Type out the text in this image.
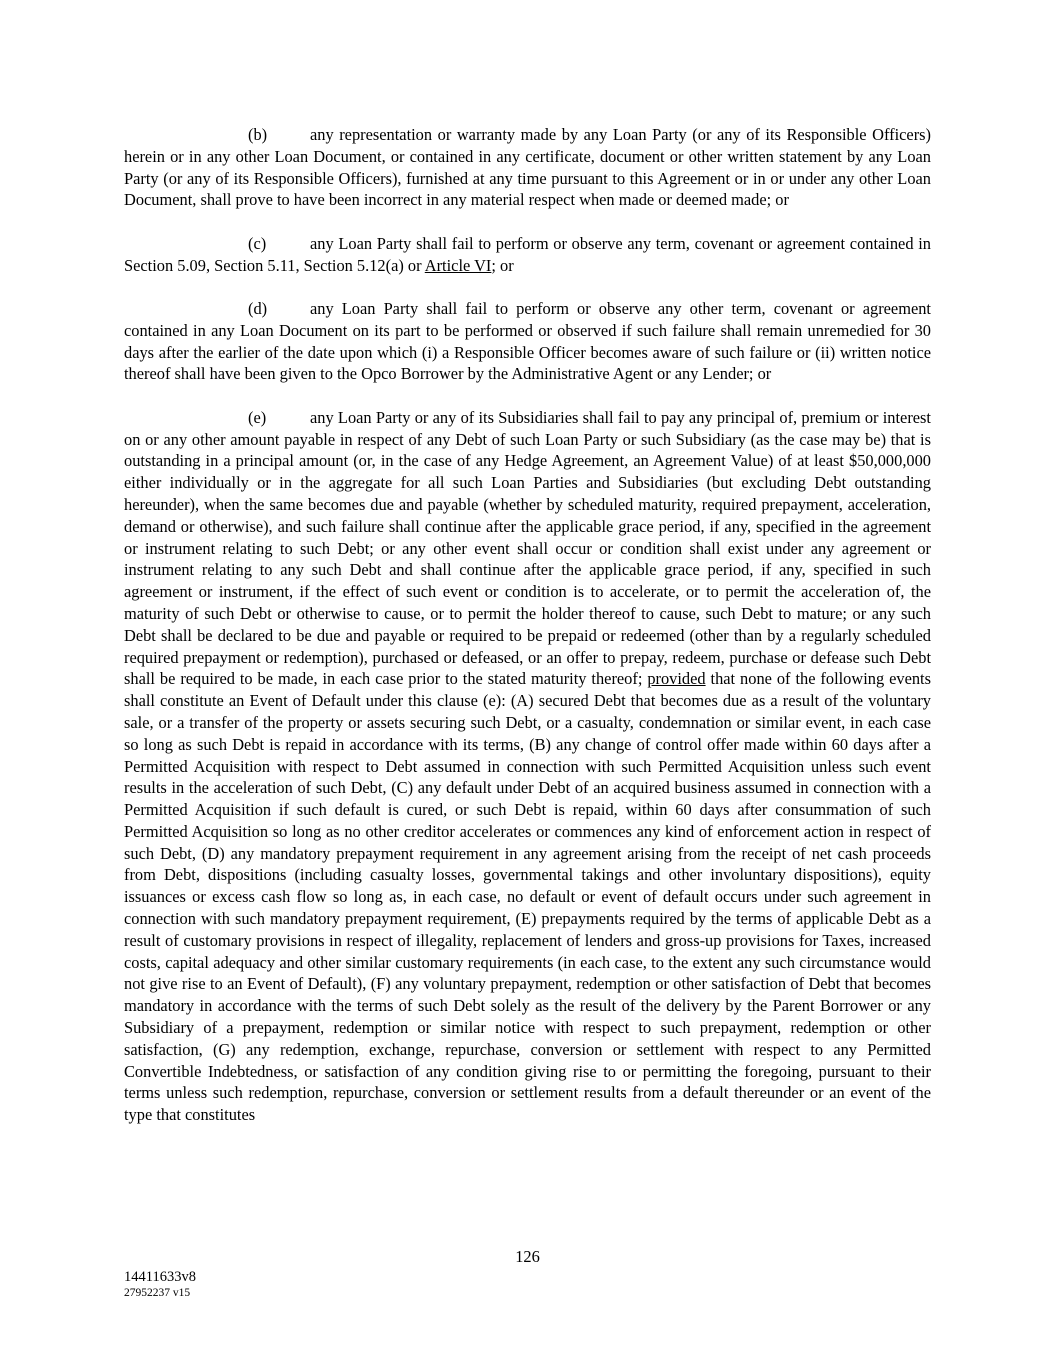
(b)	any representation or warranty made by any Loan Party (or any of its Responsible Officers) herein or in any other Loan Document, or contained in any certificate, document or other written statement by any Loan Party (or any of its Responsible Officers), furnished at any time pursuant to this Agreement or in or under any other Loan Document, shall prove to have been incorrect in any material respect when made or deemed made; or

(c)	any Loan Party shall fail to perform or observe any term, covenant or agreement contained in Section 5.09, Section 5.11, Section 5.12(a) or Article VI; or

(d)	any Loan Party shall fail to perform or observe any other term, covenant or agreement contained in any Loan Document on its part to be performed or observed if such failure shall remain unremedied for 30 days after the earlier of the date upon which (i) a Responsible Officer becomes aware of such failure or (ii) written notice thereof shall have been given to the Opco Borrower by the Administrative Agent or any Lender; or

(e)	any Loan Party or any of its Subsidiaries shall fail to pay any principal of, premium or interest on or any other amount payable in respect of any Debt of such Loan Party or such Subsidiary (as the case may be) that is outstanding in a principal amount (or, in the case of any Hedge Agreement, an Agreement Value) of at least $50,000,000 either individually or in the aggregate for all such Loan Parties and Subsidiaries (but excluding Debt outstanding hereunder), when the same becomes due and payable (whether by scheduled maturity, required prepayment, acceleration, demand or otherwise), and such failure shall continue after the applicable grace period, if any, specified in the agreement or instrument relating to such Debt; or any other event shall occur or condition shall exist under any agreement or instrument relating to any such Debt and shall continue after the applicable grace period, if any, specified in such agreement or instrument, if the effect of such event or condition is to accelerate, or to permit the acceleration of, the maturity of such Debt or otherwise to cause, or to permit the holder thereof to cause, such Debt to mature; or any such Debt shall be declared to be due and payable or required to be prepaid or redeemed (other than by a regularly scheduled required prepayment or redemption), purchased or defeased, or an offer to prepay, redeem, purchase or defease such Debt shall be required to be made, in each case prior to the stated maturity thereof; provided that none of the following events shall constitute an Event of Default under this clause (e): (A) secured Debt that becomes due as a result of the voluntary sale, or a transfer of the property or assets securing such Debt, or a casualty, condemnation or similar event, in each case so long as such Debt is repaid in accordance with its terms, (B) any change of control offer made within 60 days after a Permitted Acquisition with respect to Debt assumed in connection with such Permitted Acquisition unless such event results in the acceleration of such Debt, (C) any default under Debt of an acquired business assumed in connection with a Permitted Acquisition if such default is cured, or such Debt is repaid, within 60 days after consummation of such Permitted Acquisition so long as no other creditor accelerates or commences any kind of enforcement action in respect of such Debt, (D) any mandatory prepayment requirement in any agreement arising from the receipt of net cash proceeds from Debt, dispositions (including casualty losses, governmental takings and other involuntary dispositions), equity issuances or excess cash flow so long as, in each case, no default or event of default occurs under such agreement in connection with such mandatory prepayment requirement, (E) prepayments required by the terms of applicable Debt as a result of customary provisions in respect of illegality, replacement of lenders and gross-up provisions for Taxes, increased costs, capital adequacy and other similar customary requirements (in each case, to the extent any such circumstance would not give rise to an Event of Default), (F) any voluntary prepayment, redemption or other satisfaction of Debt that becomes mandatory in accordance with the terms of such Debt solely as the result of the delivery by the Parent Borrower or any Subsidiary of a prepayment, redemption or similar notice with respect to such prepayment, redemption or other satisfaction, (G) any redemption, exchange, repurchase, conversion or settlement with respect to any Permitted Convertible Indebtedness, or satisfaction of any condition giving rise to or permitting the foregoing, pursuant to their terms unless such redemption, repurchase, conversion or settlement results from a default thereunder or an event of the type that constitutes

126
14411633v8
27952237 v15
